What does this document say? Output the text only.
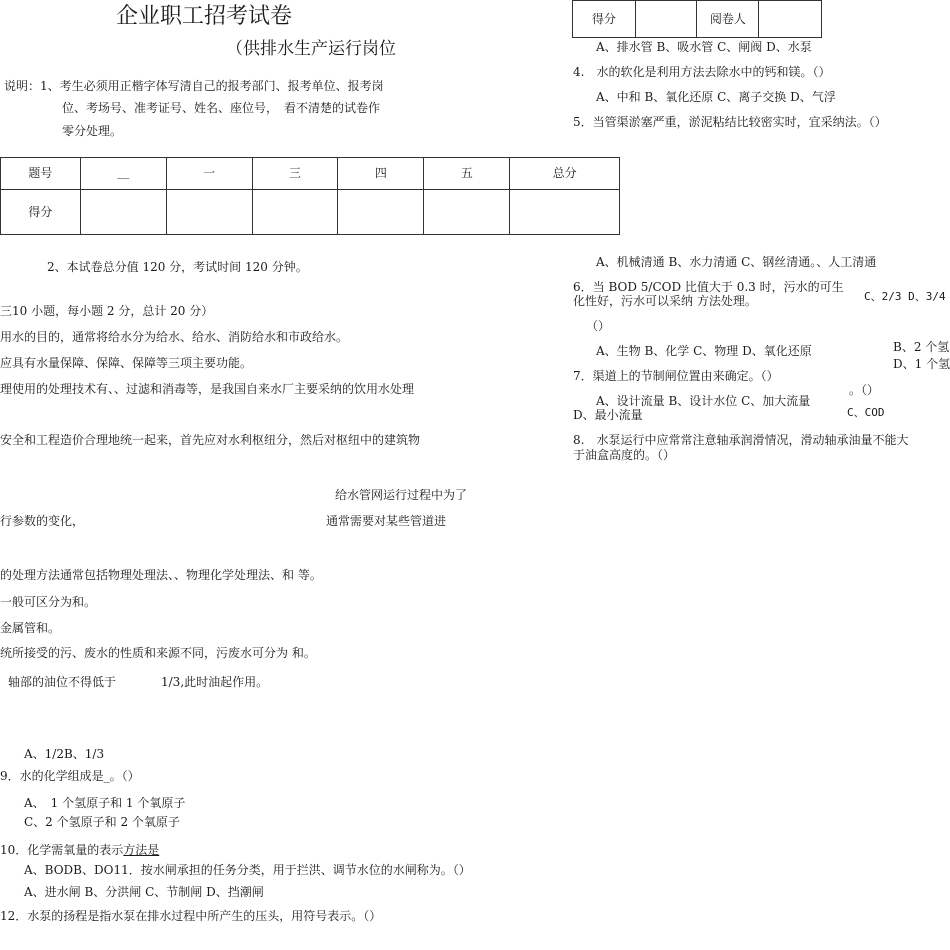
企业职工招考试卷
（供排水生产运行岗位
说明：1、考生必须用正楷字体写清自己的报考部门、报考单位、报考岗
位、考场号、准考证号、姓名、座位号，　看不清楚的试卷作
零分处理。
题号	＿	一	三	四	五	总分
得分						
得分		阅卷人	
2、本试卷总分值 120 分，考试时间 120 分钟。
三10 小题，每小题 2 分，总计 20 分）
用水的目的，通常将给水分为给水、给水、消防给水和市政给水。
应具有水量保障、保障、保障等三项主要功能。
理使用的处理技术有、、过滤和消毒等，是我国自来水厂主要采纳的饮用水处理
安全和工程造价合理地统一起来，首先应对水利枢纽分，然后对枢纽中的建筑物
给水管网运行过程中为了
行参数的变化，	通常需要对某些管道进
的处理方法通常包括物理处理法、、物理化学处理法、和 等。
一般可区分为和。
金属管和。
统所接受的污、废水的性质和来源不同，污废水可分为 和。
轴部的油位不得低于	1/3,此时油起作用。
A、1/2B、1/3
9．水的化学组成是_。（）
A、　1 个氢原子和 1 个氧原子
C、2 个氢原子和 2 个氧原子
10．化学需氧量的表示方法是
A、BODB、DO11．按水闸承担的任务分类，用于拦洪、调节水位的水闸称为。（）
A、进水闸 B、分洪闸 C、节制闸 D、挡潮闸
12．水泵的扬程是指水泵在排水过程中所产生的压头，用符号表示。（）
A、排水管 B、吸水管 C、闸阀 D、水泵
4.　水的软化是利用方法去除水中的钙和镁。（）
A、中和 B、氧化还原 C、离子交换 D、气浮
5．当管渠淤塞严重，淤泥粘结比较密实时，宜采纳法。（）
A、机械清通 B、水力清通 C、钢丝清通。、人工清通
6．当 BOD 5/COD 比值大于 0.3 时，污水的可生
化性好，污水可以采纳 方法处理。	C、2/3 D、3/4
（）
A、生物 B、化学 C、物理 D、氧化还原	B、2 个氢
D、1 个氢
7．渠道上的节制闸位置由来确定。（）
。（）
A、设计流量 B、设计水位 C、加大流量
D、最小流量	C、COD
8.　水泵运行中应常常注意轴承润滑情况，滑动轴承油量不能大
于油盒高度的。（）
